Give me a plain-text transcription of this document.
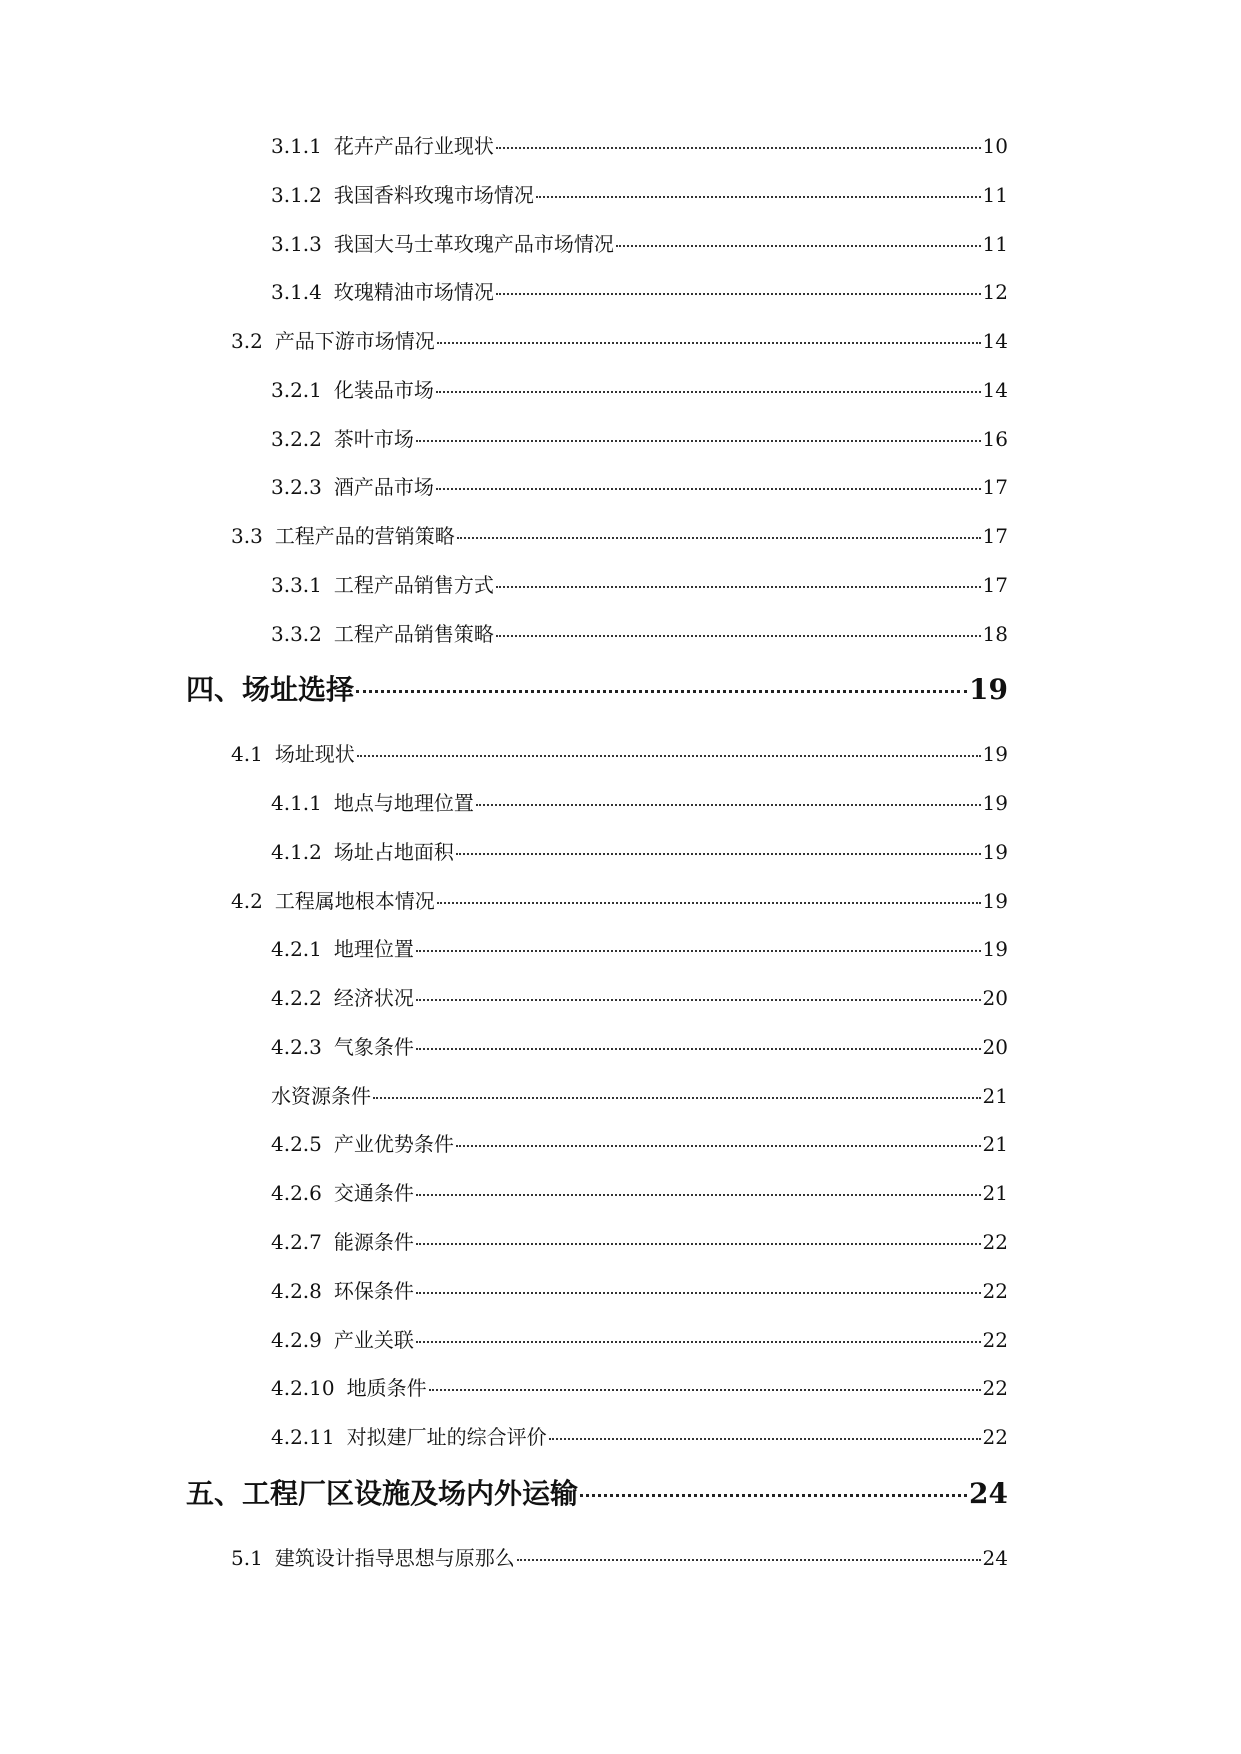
3.1.1 花卉产品行业现状	10
3.1.2 我国香料玫瑰市场情况	11
3.1.3 我国大马士革玫瑰产品市场情况	11
3.1.4 玫瑰精油市场情况	12
3.2 产品下游市场情况	14
3.2.1 化装品市场	14
3.2.2 茶叶市场	16
3.2.3 酒产品市场	17
3.3 工程产品的营销策略	17
3.3.1 工程产品销售方式	17
3.3.2 工程产品销售策略	18
四、场址选择	19
4.1 场址现状	19
4.1.1 地点与地理位置	19
4.1.2 场址占地面积	19
4.2 工程属地根本情况	19
4.2.1 地理位置	19
4.2.2 经济状况	20
4.2.3 气象条件	20
水资源条件	21
4.2.5 产业优势条件	21
4.2.6 交通条件	21
4.2.7 能源条件	22
4.2.8 环保条件	22
4.2.9 产业关联	22
4.2.10 地质条件	22
4.2.11 对拟建厂址的综合评价	22
五、工程厂区设施及场内外运输	24
5.1 建筑设计指导思想与原那么	24
